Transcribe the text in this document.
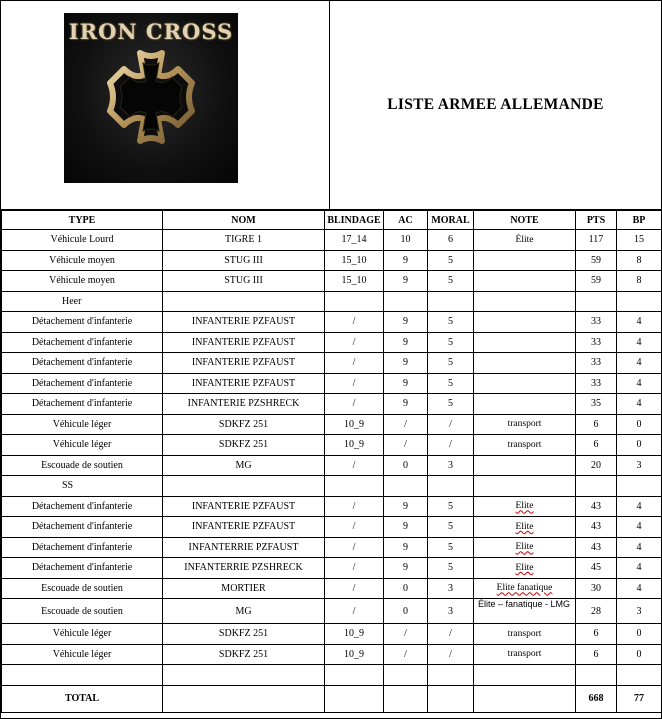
IRON CROSS
LISTE ARMEE ALLEMANDE
TYPE	NOM	BLINDAGE	AC	MORAL	NOTE	PTS	BP
Véhicule Lourd	TIGRE 1	17_14	10	6	Élite	117	15
Véhicule moyen	STUG III	15_10	9	5		59	8
Véhicule moyen	STUG III	15_10	9	5		59	8
Heer							
Détachement d'infanterie	INFANTERIE PZFAUST	/	9	5		33	4
Détachement d'infanterie	INFANTERIE PZFAUST	/	9	5		33	4
Détachement d'infanterie	INFANTERIE PZFAUST	/	9	5		33	4
Détachement d'infanterie	INFANTERIE PZFAUST	/	9	5		33	4
Détachement d'infanterie	INFANTERIE PZSHRECK	/	9	5		35	4
Véhicule léger	SDKFZ 251	10_9	/	/	transport	6	0
Véhicule léger	SDKFZ 251	10_9	/	/	transport	6	0
Escouade de soutien	MG	/	0	3		20	3
SS							
Détachement d'infanterie	INFANTERIE PZFAUST	/	9	5	Elite	43	4
Détachement d'infanterie	INFANTERIE PZFAUST	/	9	5	Elite	43	4
Détachement d'infanterie	INFANTERRIE PZFAUST	/	9	5	Elite	43	4
Détachement d'infanterie	INFANTERRIE PZSHRECK	/	9	5	Elite	45	4
Escouade de soutien	MORTIER	/	0	3	Elite fanatique	30	4
Escouade de soutien	MG	/	0	3	Élite – fanatique - LMG	28	3
Véhicule léger	SDKFZ 251	10_9	/	/	transport	6	0
Véhicule léger	SDKFZ 251	10_9	/	/	transport	6	0

TOTAL						668	77
